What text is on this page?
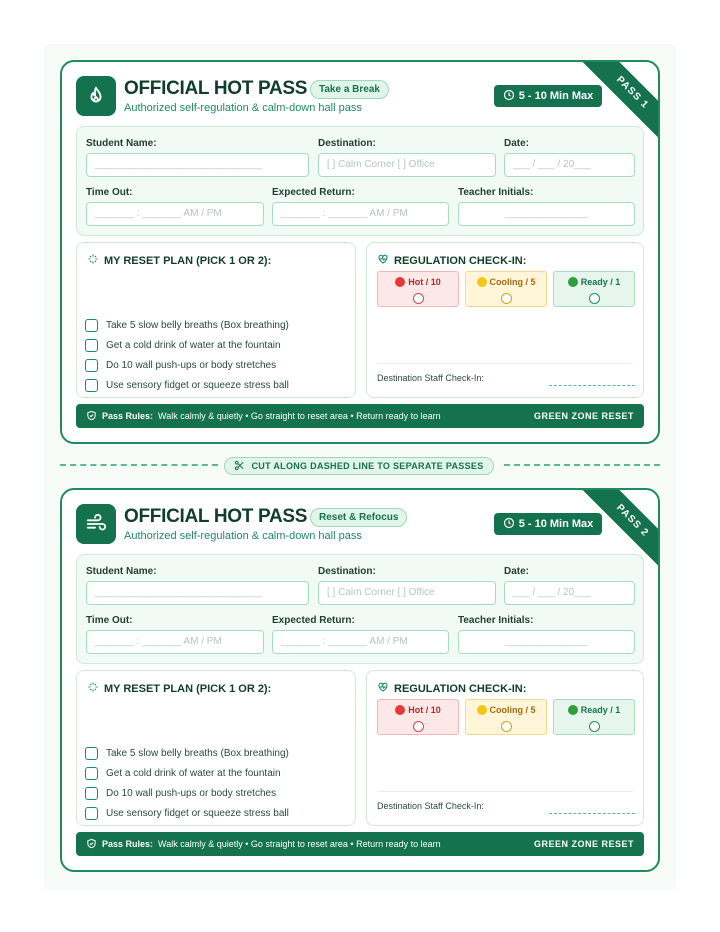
PASS 1
OFFICIAL HOT PASS	Take a Break
Authorized self-regulation & calm-down hall pass
5 - 10 Min Max
Student Name:
______________________________
Destination:
[ ] Calm Corner [ ] Office
Date:
___ / ___ / 20___
Time Out:
_______ : _______ AM / PM
Expected Return:
_______ : _______ AM / PM
Teacher Initials:
_______________
MY RESET PLAN (PICK 1 OR 2):
Take 5 slow belly breaths (Box breathing)
Get a cold drink of water at the fountain
Do 10 wall push-ups or body stretches
Use sensory fidget or squeeze stress ball
REGULATION CHECK-IN:
Hot / 10	Cooling / 5	Ready / 1
Destination Staff Check-In:
Pass Rules: Walk calmly & quietly • Go straight to reset area • Return ready to learn	GREEN ZONE RESET
CUT ALONG DASHED LINE TO SEPARATE PASSES
PASS 2
OFFICIAL HOT PASS	Reset & Refocus
Authorized self-regulation & calm-down hall pass
5 - 10 Min Max
Student Name:
______________________________
Destination:
[ ] Calm Corner [ ] Office
Date:
___ / ___ / 20___
Time Out:
_______ : _______ AM / PM
Expected Return:
_______ : _______ AM / PM
Teacher Initials:
_______________
MY RESET PLAN (PICK 1 OR 2):
Take 5 slow belly breaths (Box breathing)
Get a cold drink of water at the fountain
Do 10 wall push-ups or body stretches
Use sensory fidget or squeeze stress ball
REGULATION CHECK-IN:
Hot / 10	Cooling / 5	Ready / 1
Destination Staff Check-In:
Pass Rules: Walk calmly & quietly • Go straight to reset area • Return ready to learn	GREEN ZONE RESET
